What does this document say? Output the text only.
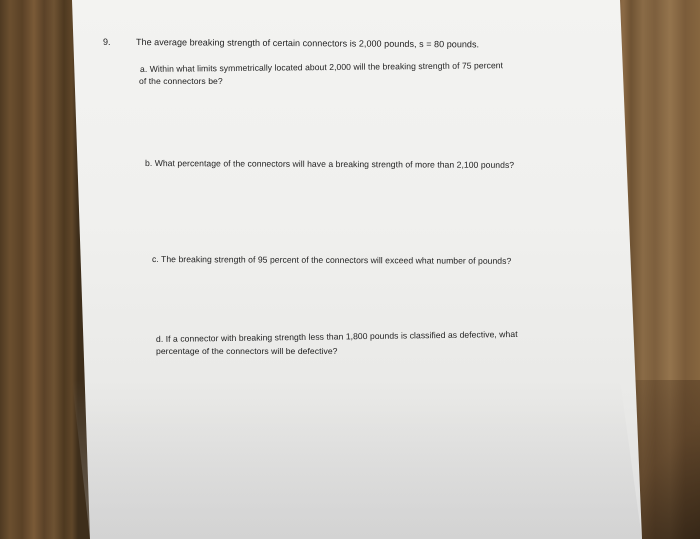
9.	The average breaking strength of certain connectors is 2,000 pounds, s = 80 pounds.
a. Within what limits symmetrically located about 2,000 will the breaking strength of 75 percent
of the connectors be?
b. What percentage of the connectors will have a breaking strength of more than 2,100 pounds?
c. The breaking strength of 95 percent of the connectors will exceed what number of pounds?
d. If a connector with breaking strength less than 1,800 pounds is classified as defective, what
percentage of the connectors will be defective?
